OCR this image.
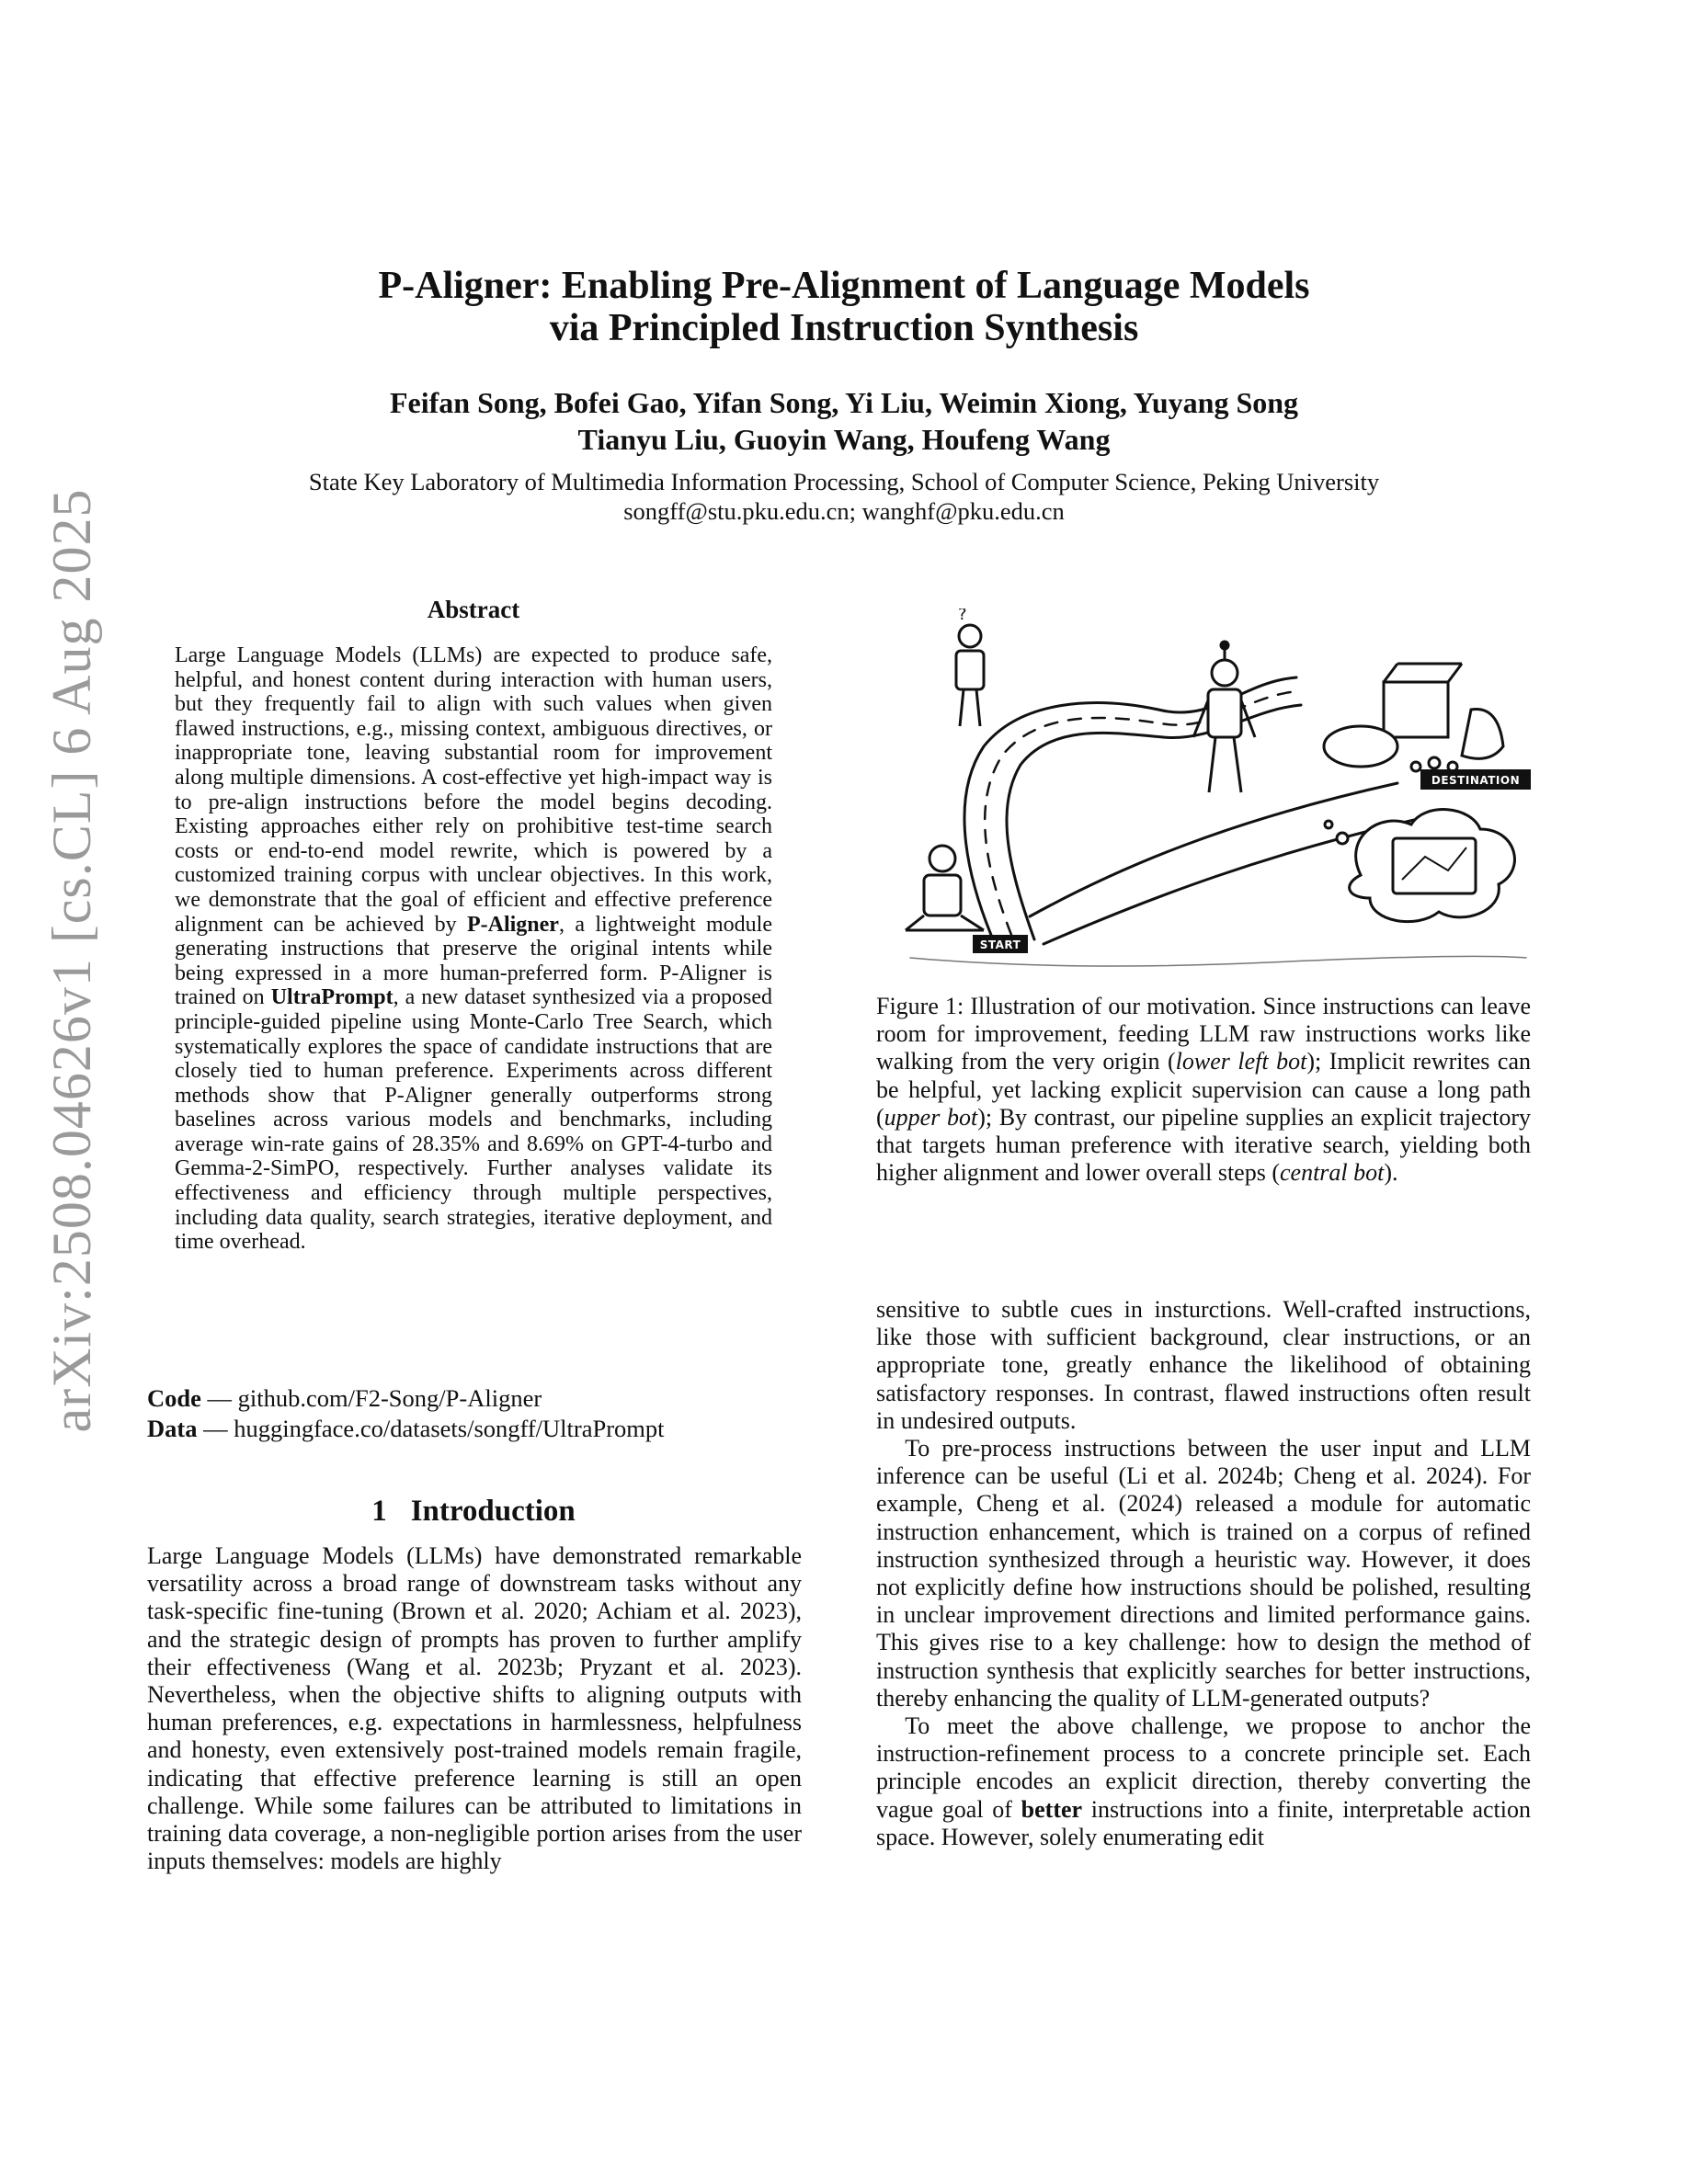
arXiv:2508.04626v1 [cs.CL] 6 Aug 2025
P-Aligner: Enabling Pre-Alignment of Language Models
via Principled Instruction Synthesis
Feifan Song, Bofei Gao, Yifan Song, Yi Liu, Weimin Xiong, Yuyang Song
Tianyu Liu, Guoyin Wang, Houfeng Wang
State Key Laboratory of Multimedia Information Processing, School of Computer Science, Peking University
songff@stu.pku.edu.cn; wanghf@pku.edu.cn
Abstract
Large Language Models (LLMs) are expected to produce safe, helpful, and honest content during interaction with human users, but they frequently fail to align with such values when given flawed instructions, e.g., missing context, ambiguous directives, or inappropriate tone, leaving substantial room for improvement along multiple dimensions. A cost-effective yet high-impact way is to pre-align instructions before the model begins decoding. Existing approaches either rely on prohibitive test-time search costs or end-to-end model rewrite, which is powered by a customized training corpus with unclear objectives. In this work, we demonstrate that the goal of efficient and effective preference alignment can be achieved by P-Aligner, a lightweight module generating instructions that preserve the original intents while being expressed in a more human-preferred form. P-Aligner is trained on UltraPrompt, a new dataset synthesized via a proposed principle-guided pipeline using Monte-Carlo Tree Search, which systematically explores the space of candidate instructions that are closely tied to human preference. Experiments across different methods show that P-Aligner generally outperforms strong baselines across various models and benchmarks, including average win-rate gains of 28.35% and 8.69% on GPT-4-turbo and Gemma-2-SimPO, respectively. Further analyses validate its effectiveness and efficiency through multiple perspectives, including data quality, search strategies, iterative deployment, and time overhead.
Code — github.com/F2-Song/P-Aligner
Data — huggingface.co/datasets/songff/UltraPrompt
1 Introduction

Large Language Models (LLMs) have demonstrated remarkable versatility across a broad range of downstream tasks without any task-specific fine-tuning (Brown et al. 2020; Achiam et al. 2023), and the strategic design of prompts has proven to further amplify their effectiveness (Wang et al. 2023b; Pryzant et al. 2023). Nevertheless, when the objective shifts to aligning outputs with human preferences, e.g. expectations in harmlessness, helpfulness and honesty, even extensively post-trained models remain fragile, indicating that effective preference learning is still an open challenge. While some failures can be attributed to limitations in training data coverage, a non-negligible portion arises from the user inputs themselves: models are highly

?
START
DESTINATION
Figure 1: Illustration of our motivation. Since instructions can leave room for improvement, feeding LLM raw instructions works like walking from the very origin (lower left bot); Implicit rewrites can be helpful, yet lacking explicit supervision can cause a long path (upper bot); By contrast, our pipeline supplies an explicit trajectory that targets human preference with iterative search, yielding both higher alignment and lower overall steps (central bot).

sensitive to subtle cues in insturctions. Well-crafted instructions, like those with sufficient background, clear instructions, or an appropriate tone, greatly enhance the likelihood of obtaining satisfactory responses. In contrast, flawed instructions often result in undesired outputs.

To pre-process instructions between the user input and LLM inference can be useful (Li et al. 2024b; Cheng et al. 2024). For example, Cheng et al. (2024) released a module for automatic instruction enhancement, which is trained on a corpus of refined instruction synthesized through a heuristic way. However, it does not explicitly define how instructions should be polished, resulting in unclear improvement directions and limited performance gains. This gives rise to a key challenge: how to design the method of instruction synthesis that explicitly searches for better instructions, thereby enhancing the quality of LLM-generated outputs?

To meet the above challenge, we propose to anchor the instruction-refinement process to a concrete principle set. Each principle encodes an explicit direction, thereby converting the vague goal of better instructions into a finite, interpretable action space. However, solely enumerating edit
